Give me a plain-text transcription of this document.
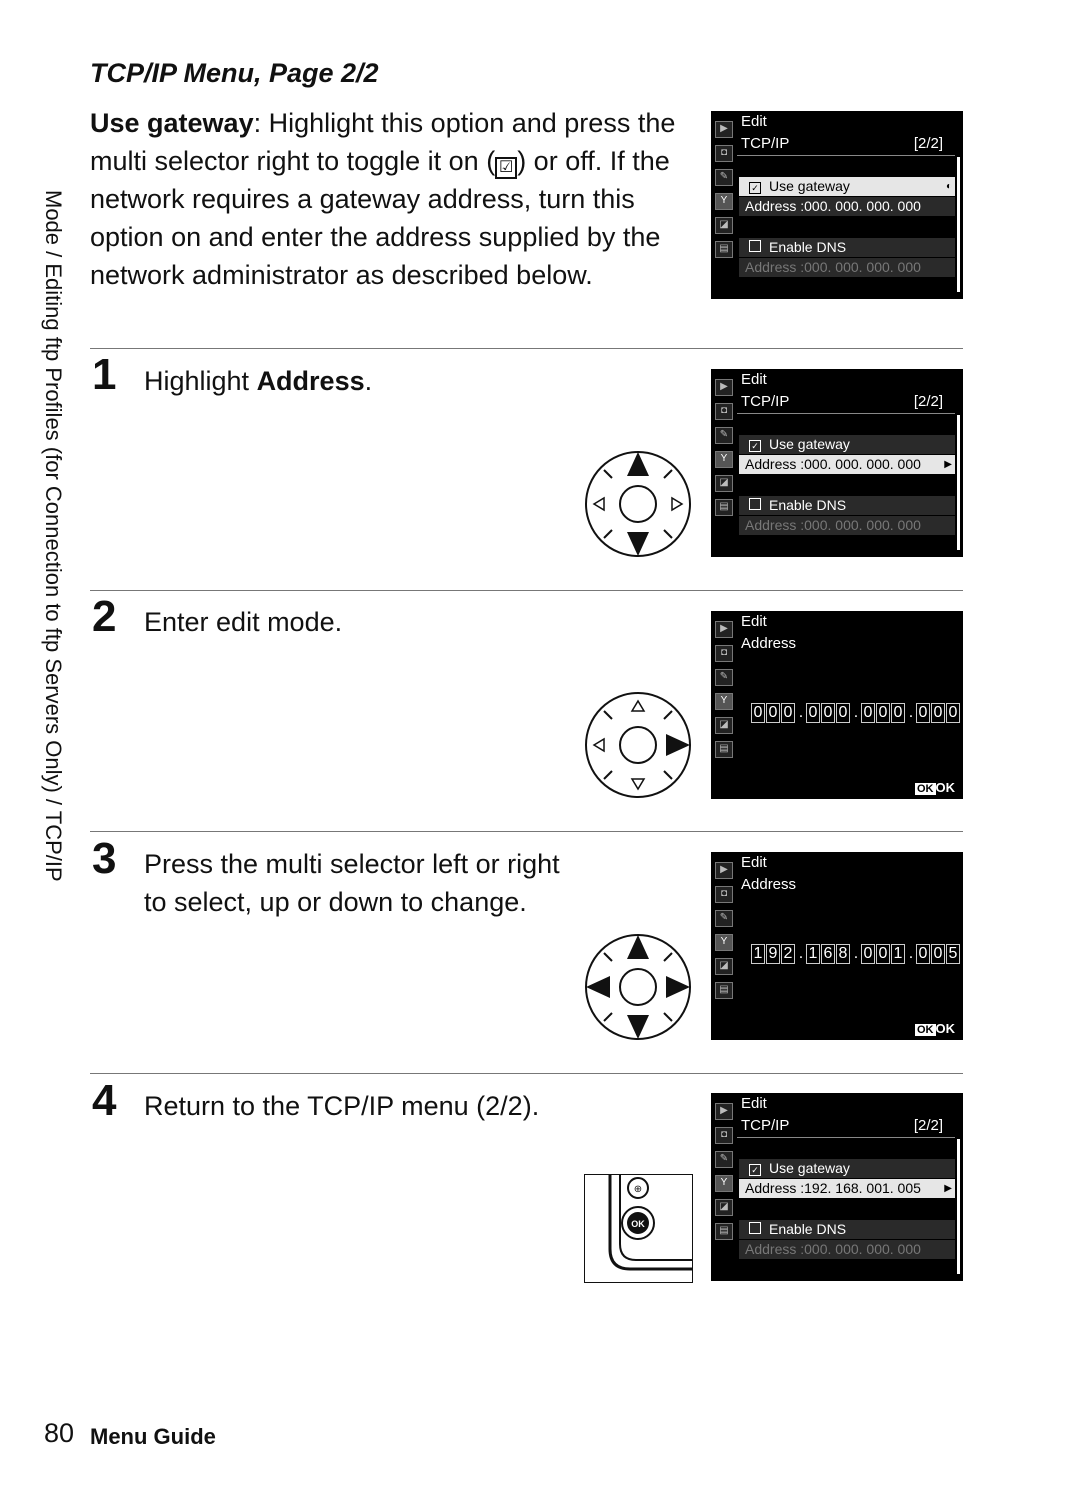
TCP/IP Menu, Page 2/2
Use gateway: Highlight this option and press the multi selector right to toggle it on ( ☑ ) or off. If the network requires a gateway address, turn this option on and enter the address supplied by the network administrator as described below.
Mode / Editing ftp Profiles (for Connection to ftp Servers Only) / TCP/IP
▶
◘
✎
Y
◪
▤
Edit
TCP/IP	[2/2]
✓ Use gateway	◐
Address :000. 000. 000. 000
Enable DNS
Address :000. 000. 000. 000
1 Highlight Address.	▶
◘
✎
Y
◪
▤
Edit
TCP/IP	[2/2]
✓ Use gateway
Address :000. 000. 000. 000 ▶
Enable DNS
Address :000. 000. 000. 000
2 Enter edit mode.	▶
◘
✎
Y
◪
▤
Edit
Address
0 0 0 . 0 0 0 . 0 0 0 . 0 0 0
OK OK
3 Press the multi selector left or right to select, up or down to change.
▶
◘
✎
Y
◪
▤
Edit
Address
1 9 2 . 1 6 8 . 0 0 1 . 0 0 5
OK OK
4 Return to the TCP/IP menu (2/2).
⊕
OK
▶
◘
✎
Y
◪
▤
Edit
TCP/IP	[2/2]
✓ Use gateway
Address :192. 168. 001. 005 ▶
Enable DNS
Address :000. 000. 000. 000
80 Menu Guide
